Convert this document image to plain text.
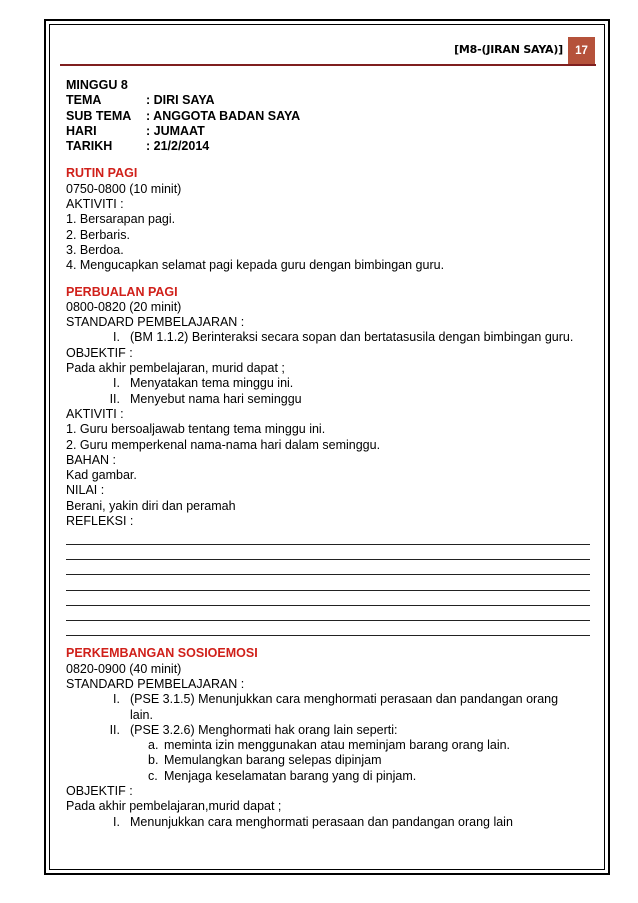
[M8-(JIRAN SAYA)]	17
MINGGU 8
TEMA	: DIRI SAYA
SUB TEMA : ANGGOTA BADAN SAYA
HARI	: JUMAAT
TARIKH	: 21/2/2014
RUTIN PAGI
0750-0800 (10 minit)
AKTIVITI :
1. Bersarapan pagi.
2. Berbaris.
3. Berdoa.
4. Mengucapkan selamat pagi kepada guru dengan bimbingan guru.
PERBUALAN PAGI
0800-0820 (20 minit)
STANDARD PEMBELAJARAN :
I. (BM 1.1.2) Berinteraksi secara sopan dan bertatasusila dengan bimbingan guru.
OBJEKTIF :
Pada akhir pembelajaran, murid dapat ;
I. Menyatakan tema minggu ini.
II. Menyebut nama hari seminggu
AKTIVITI :
1. Guru bersoaljawab tentang tema minggu ini.
2. Guru memperkenal nama-nama hari dalam seminggu.
BAHAN :
Kad gambar.
NILAI :
Berani, yakin diri dan peramah
REFLEKSI :
PERKEMBANGAN SOSIOEMOSI
0820-0900 (40 minit)
STANDARD PEMBELAJARAN :
I. (PSE 3.1.5) Menunjukkan cara menghormati perasaan dan pandangan orang
lain.
II. (PSE 3.2.6) Menghormati hak orang lain seperti:
a. meminta izin menggunakan atau meminjam barang orang lain.
b. Memulangkan barang selepas dipinjam
c. Menjaga keselamatan barang yang di pinjam.
OBJEKTIF :
Pada akhir pembelajaran,murid dapat ;
I. Menunjukkan cara menghormati perasaan dan pandangan orang lain
